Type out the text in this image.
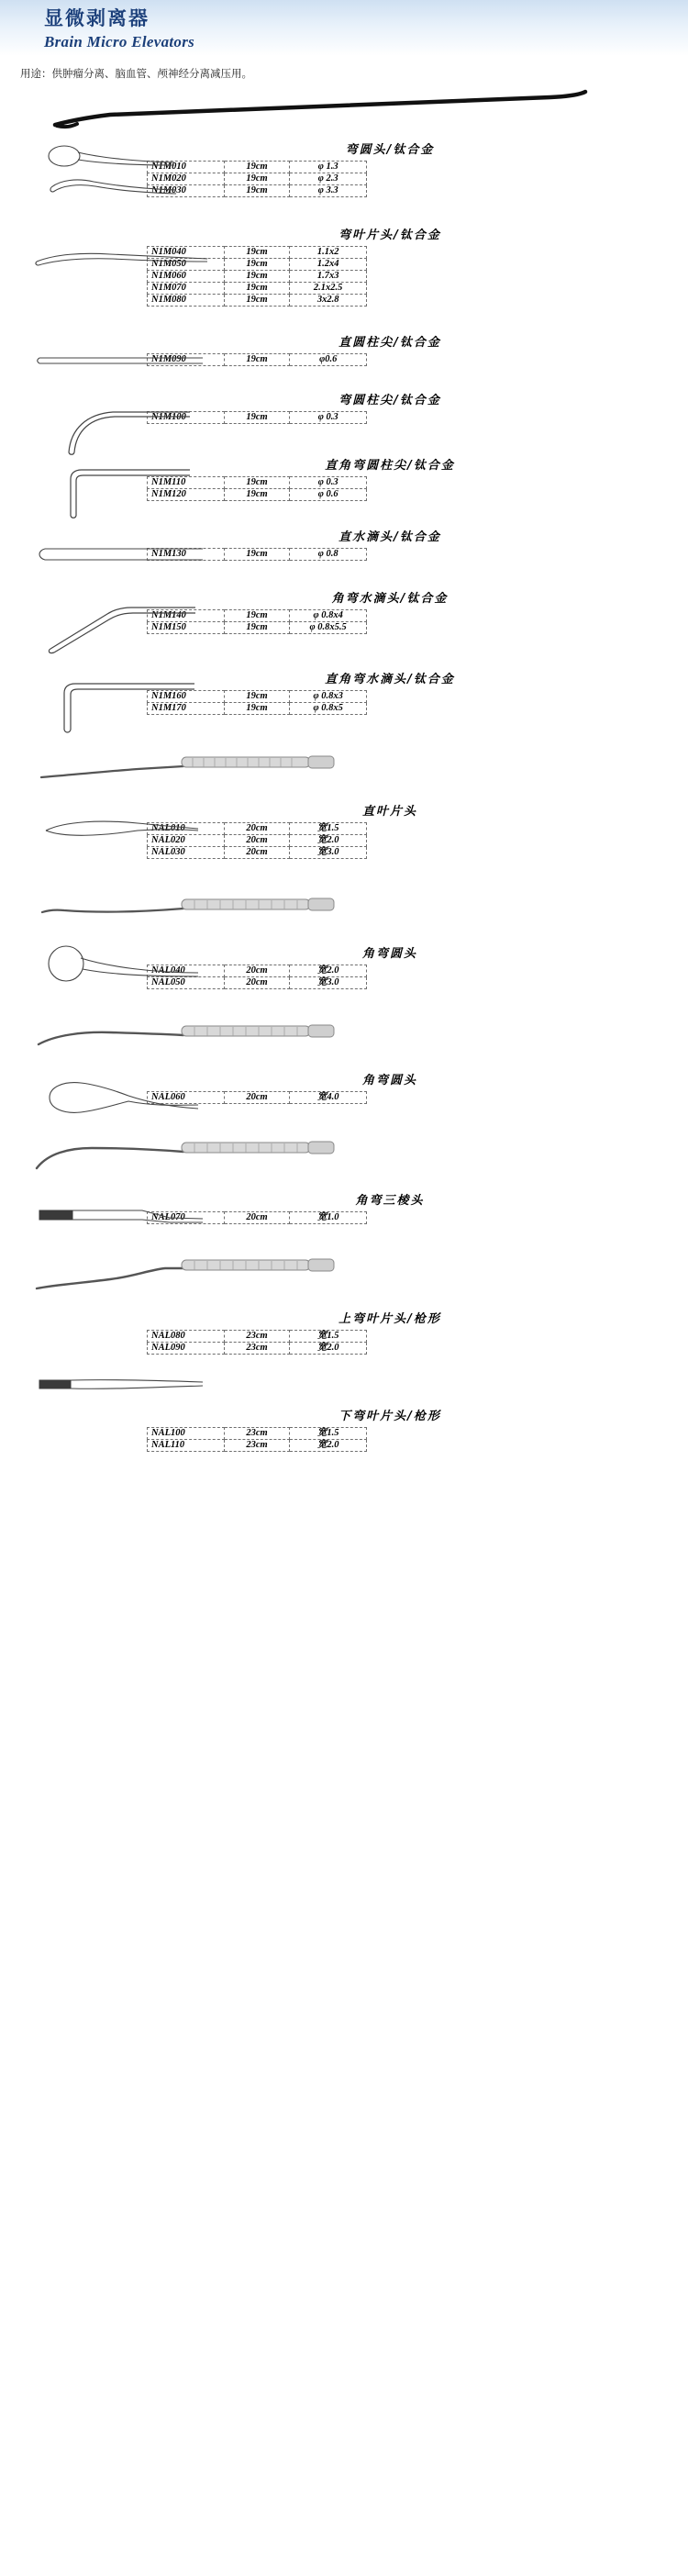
显微剥离器
Brain Micro Elevators
用途：供肿瘤分离、脑血管、颅神经分离减压用。
弯圆头/钛合金
N1M010	19cm	φ 1.3
N1M020	19cm	φ 2.3
N1M030	19cm	φ 3.3
弯叶片头/钛合金
N1M040	19cm	1.1x2
N1M050	19cm	1.2x4
N1M060	19cm	1.7x3
N1M070	19cm	2.1x2.5
N1M080	19cm	3x2.8
直圆柱尖/钛合金
N1M090	19cm	φ0.6
弯圆柱尖/钛合金
N1M100	19cm	φ 0.3
直角弯圆柱尖/钛合金
N1M110	19cm	φ 0.3
N1M120	19cm	φ 0.6
直水滴头/钛合金
N1M130	19cm	φ 0.8
角弯水滴头/钛合金
N1M140	19cm	φ 0.8x4
N1M150	19cm	φ 0.8x5.5
直角弯水滴头/钛合金
N1M160	19cm	φ 0.8x3
N1M170	19cm	φ 0.8x5
直叶片头
NAL010	20cm	宽1.5
NAL020	20cm	宽2.0
NAL030	20cm	宽3.0
角弯圆头
NAL040	20cm	宽2.0
NAL050	20cm	宽3.0
角弯圆头
NAL060	20cm	宽4.0
角弯三棱头
NAL070	20cm	宽1.0
上弯叶片头/枪形
NAL080	23cm	宽1.5
NAL090	23cm	宽2.0
下弯叶片头/枪形
NAL100	23cm	宽1.5
NAL110	23cm	宽2.0
